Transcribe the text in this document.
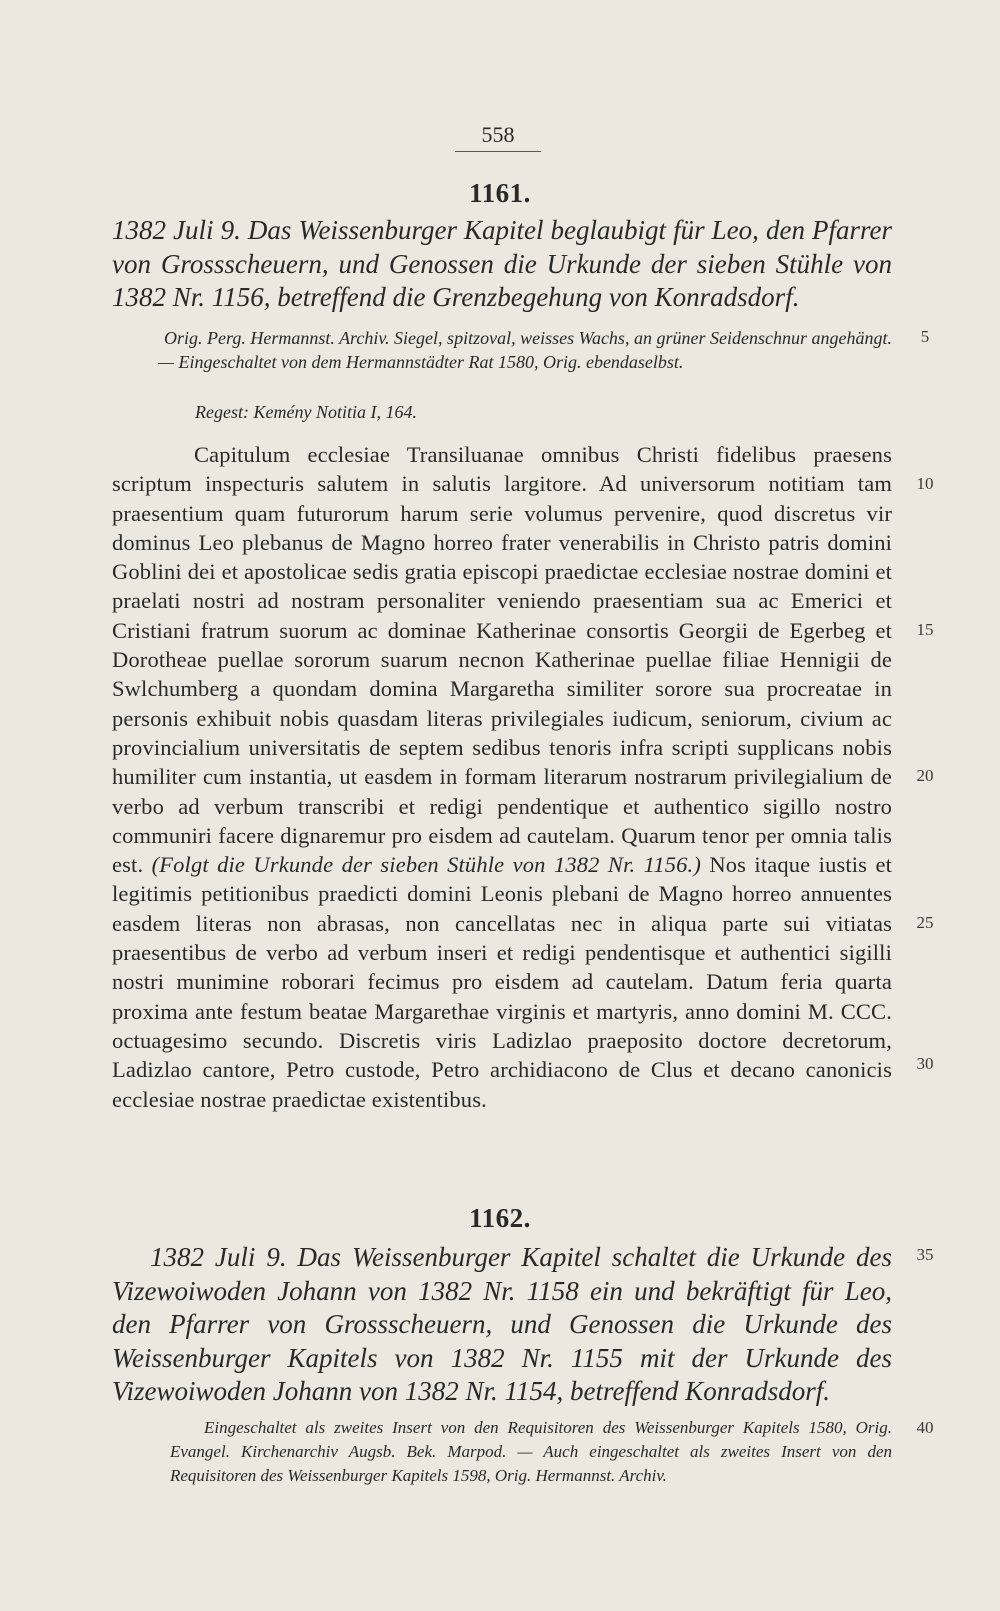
558
1161.
1382 Juli 9. Das Weissenburger Kapitel beglaubigt für Leo, den Pfarrer von Grossscheuern, und Genossen die Urkunde der sieben Stühle von 1382 Nr. 1156, betreffend die Grenzbegehung von Konradsdorf.
Orig. Perg. Hermannst. Archiv. Siegel, spitzoval, weisses Wachs, an grüner Seidenschnur angehängt. — Eingeschaltet von dem Hermannstädter Rat 1580, Orig. ebendaselbst.
Regest: Kemény Notitia I, 164.
Capitulum ecclesiae Transiluanae omnibus Christi fidelibus praesens scriptum inspecturis salutem in salutis largitore. Ad universorum notitiam tam praesentium quam futurorum harum serie volumus pervenire, quod discretus vir dominus Leo plebanus de Magno horreo frater venerabilis in Christo patris domini Goblini dei et apostolicae sedis gratia episcopi praedictae ecclesiae nostrae domini et praelati nostri ad nostram personaliter veniendo praesentiam sua ac Emerici et Cristiani fratrum suorum ac dominae Katherinae consortis Georgii de Egerbeg et Dorotheae puellae sororum suarum necnon Katherinae puellae filiae Hennigii de Swlchumberg a quondam domina Margaretha similiter sorore sua procreatae in personis exhibuit nobis quasdam literas privilegiales iudicum, seniorum, civium ac provincialium universitatis de septem sedibus tenoris infra scripti supplicans nobis humiliter cum instantia, ut easdem in formam literarum nostrarum privilegialium de verbo ad verbum transcribi et redigi pendentique et authentico sigillo nostro communiri facere dignaremur pro eisdem ad cautelam. Quarum tenor per omnia talis est. (Folgt die Urkunde der sieben Stühle von 1382 Nr. 1156.) Nos itaque iustis et legitimis petitionibus praedicti domini Leonis plebani de Magno horreo annuentes easdem literas non abrasas, non cancellatas nec in aliqua parte sui vitiatas praesentibus de verbo ad verbum inseri et redigi pendentisque et authentici sigilli nostri munimine roborari fecimus pro eisdem ad cautelam. Datum feria quarta proxima ante festum beatae Margarethae virginis et martyris, anno domini M. CCC. octuagesimo secundo. Discretis viris Ladizlao praeposito doctore decretorum, Ladizlao cantore, Petro custode, Petro archidiacono de Clus et decano canonicis ecclesiae nostrae praedictae existentibus.
1162.
1382 Juli 9. Das Weissenburger Kapitel schaltet die Urkunde des Vizewoiwoden Johann von 1382 Nr. 1158 ein und bekräftigt für Leo, den Pfarrer von Grossscheuern, und Genossen die Urkunde des Weissenburger Kapitels von 1382 Nr. 1155 mit der Urkunde des Vizewoiwoden Johann von 1382 Nr. 1154, betreffend Konradsdorf.
Eingeschaltet als zweites Insert von den Requisitoren des Weissenburger Kapitels 1580, Orig. Evangel. Kirchenarchiv Augsb. Bek. Marpod. — Auch eingeschaltet als zweites Insert von den Requisitoren des Weissenburger Kapitels 1598, Orig. Hermannst. Archiv.
5
10
15
20
25
30
35
40
